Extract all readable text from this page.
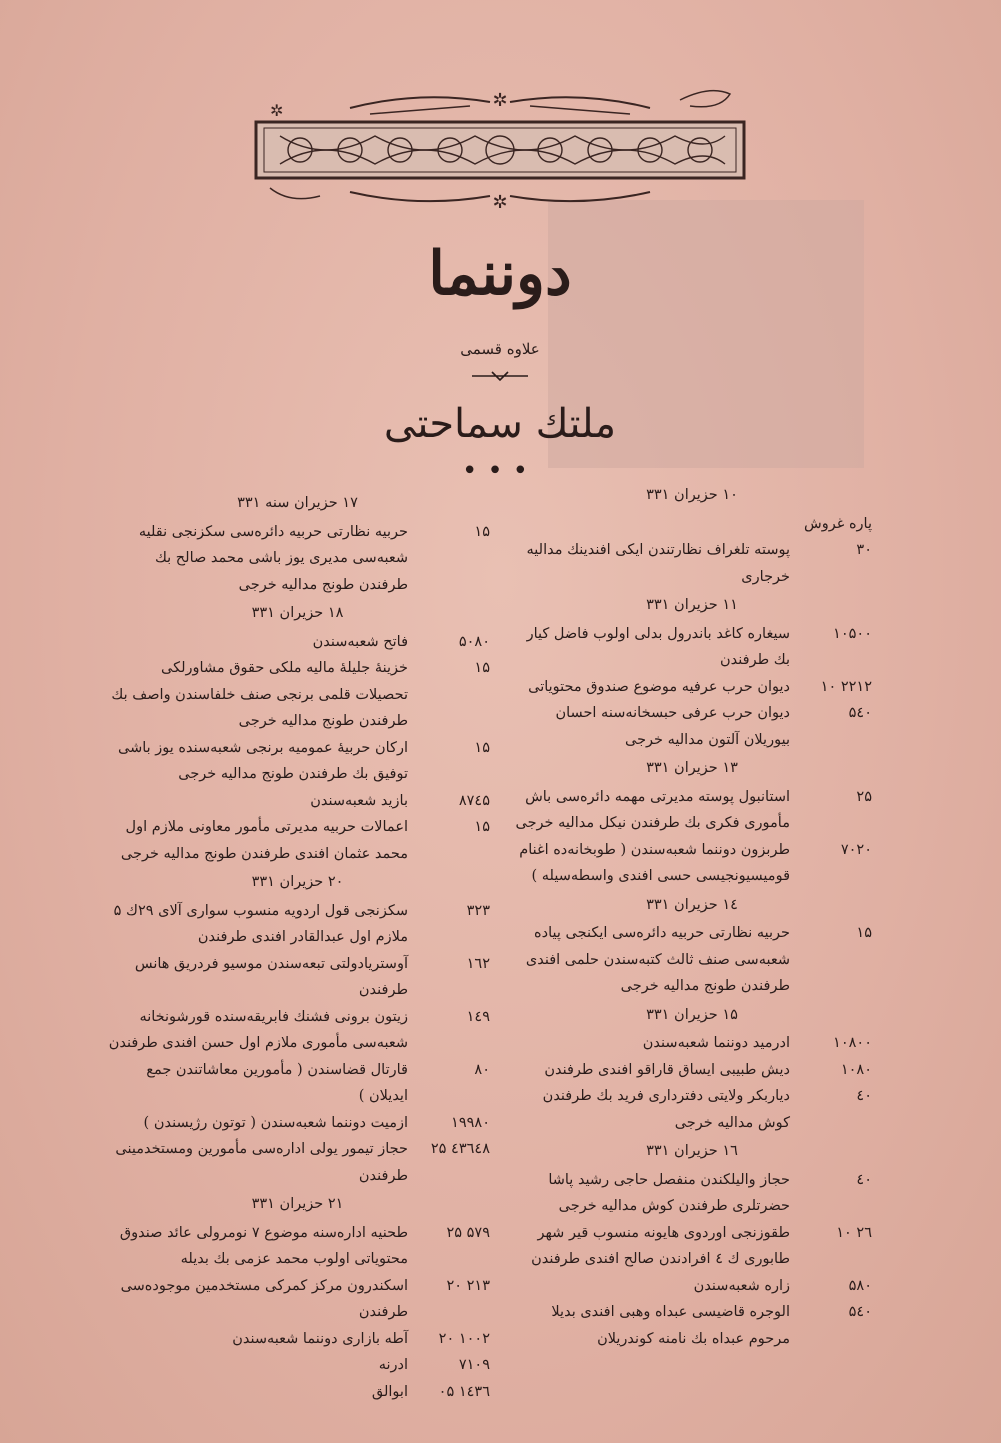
✲
✲
✲
دوننما
علاوه قسمی
ملتك سماحتی
•••
۱۰ حزیران ۳۳۱
پاره غروش
۳۰
پوسته تلغراف نظارتندن ایکی افندینك مدالیه خرجاری
۱۱ حزیران ۳۳۱
۱۰۵۰۰
سیغاره کاغد باندرول بدلی اولوب فاضل کیار بك طرفندن
۲۲۱۲ ۱۰
دیوان حرب عرفیه موضوع صندوق محتویاتی
۵٤۰
دیوان حرب عرفی حبسخانه‌سنه احسان بیوریلان آلتون مدالیه خرجی
۱۳ حزیران ۳۳۱
۲۵
استانبول پوسته مدیرتی مهمه دائره‌سی باش مأموری فکری بك طرفندن نیکل مدالیه خرجی
۷۰۲۰
طربزون دوننما شعبه‌سندن ( طوبخانه‌ده اغنام قومیسیونجیسی حسی افندی واسطه‌سیله )
۱٤ حزیران ۳۳۱
۱۵
حربیه نظارتی حربیه دائره‌سی ایکنجی پیاده شعبه‌سی صنف ثالث کتبه‌سندن حلمی افندی طرفندن طونج مدالیه خرجی
۱۵ حزیران ۳۳۱
۱۰۸۰۰
ادرمید دوننما شعبه‌سندن
۱۰۸۰
دیش طبیبی ایساق قاراقو افندی طرفندن
٤۰
دیاربکر ولایتی دفترداری فرید بك طرفندن کوش مدالیه خرجی
۱٦ حزیران ۳۳۱
٤۰
حجاز والیلکندن منفصل حاجی رشید پاشا حضرتلری طرفندن کوش مدالیه خرجی
۲٦ ۱۰
طقوزنجی اوردوی هایونه منسوب قیر شهر طابوری ك ٤ افرادندن صالح افندی طرفندن
۵۸۰
زاره شعبه‌سندن
۵٤۰
الوجره قاضیسی عبداه وهبی افندی بدیلا مرحوم عبداه بك نامنه کوندریلان
۱۷ حزیران سنه ۳۳۱
۱۵
حربیه نظارتی حربیه دائره‌سی سکزنجی نقلیه شعبه‌سی مدیری یوز باشی محمد صالح بك طرفندن طونج مدالیه خرجی
۱۸ حزیران ۳۳۱
۵۰۸۰
فاتح شعبه‌سندن
۱۵
خزینهٔ جلیلهٔ مالیه ملکی حقوق مشاورلکی تحصیلات قلمی برنجی صنف خلفاسندن واصف بك طرفندن طونج مدالیه خرجی
۱۵
ارکان حربیهٔ عمومیه برنجی شعبه‌سنده یوز باشی توفیق بك طرفندن طونج مدالیه خرجی
۸۷٤۵
بازید شعبه‌سندن
۱۵
اعمالات حربیه مدیرتی مأمور معاونی ملازم اول محمد عثمان افندی طرفندن طونج مدالیه خرجی
۲۰ حزیران ۳۳۱
۳۲۳
سکزنجی قول اردویه منسوب سواری آلای ۲۹ك ۵ ملازم اول عبدالقادر افندی طرفندن
۱٦۲
آوستریادولتی تبعه‌سندن موسیو فردریق هانس طرفندن
۱٤۹
زیتون برونی فشنك فابریقه‌سنده قورشونخانه شعبه‌سی مأموری ملازم اول حسن افندی طرفندن
۸۰
قارتال قضاسندن ( مأمورین معاشاتندن جمع ایدیلان )
۱۹۹۸۰
ازمیت دوننما شعبه‌سندن ( توتون رژیسندن )
٤۳٦٤۸ ۲۵
حجاز تیمور یولی اداره‌سی مأمورین ومستخدمینی طرفندن
۲۱ حزیران ۳۳۱
۵۷۹ ۲۵
طحنیه اداره‌سنه موضوع ۷ نومرولی عائد صندوق محتویاتی اولوب محمد عزمی بك بدیله
۲۱۳ ۲۰
اسکندرون مرکز کمرکی مستخدمین موجوده‌سی طرفندن
۱۰۰۲ ۲۰
آطه بازاری دوننما شعبه‌سندن
۷۱۰۹
ادرنه
۱٤۳٦ ۰۵
ابوالق
